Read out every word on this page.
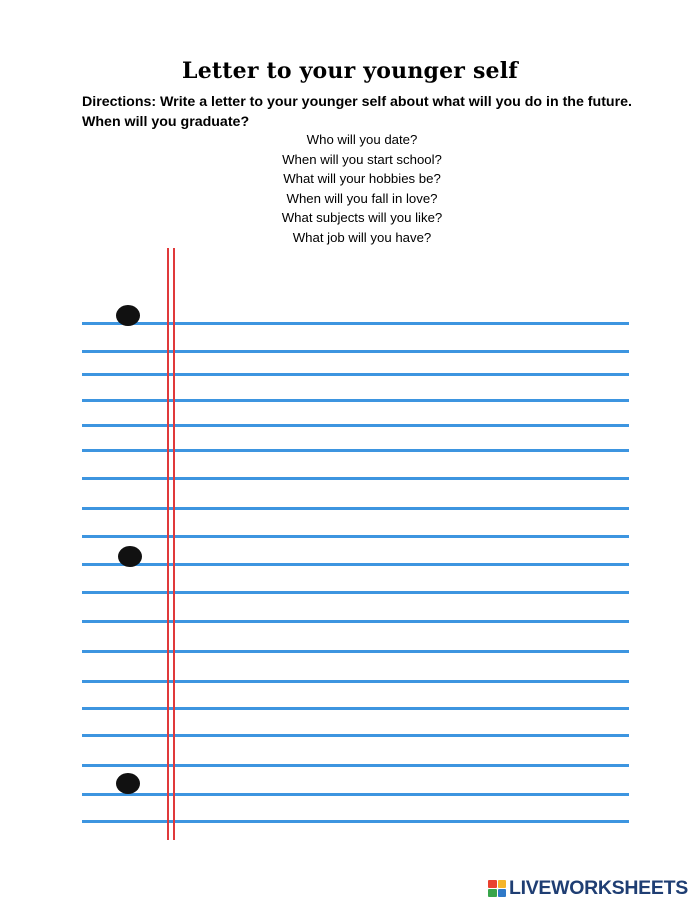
Letter to your younger self
Directions: Write a letter to your younger self about what will you do in the future.
When will you graduate?
Who will you date?
When will you start school?
What will your hobbies be?
When will you fall in love?
What subjects will you like?
What job will you have?
LIVEWORKSHEETS
